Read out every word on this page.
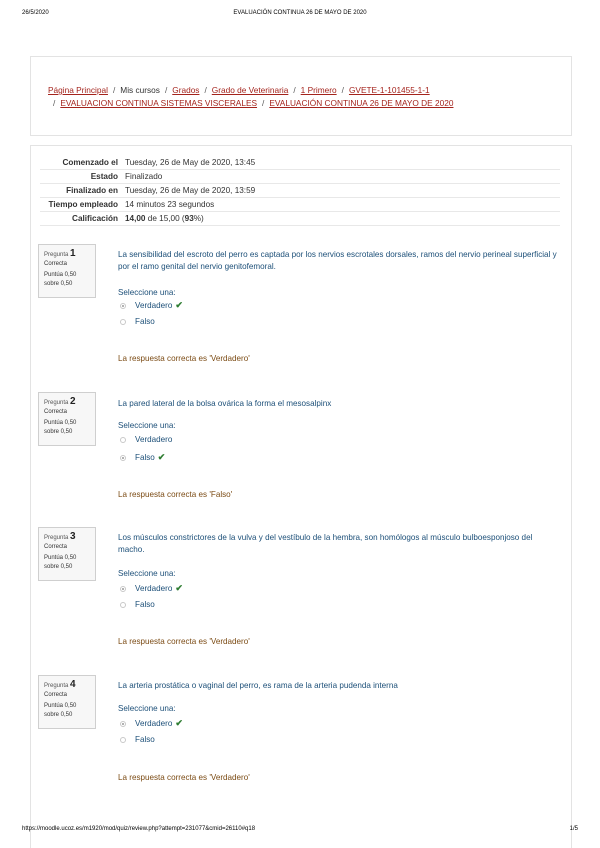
26/5/2020	EVALUACIÓN CONTINUA 26 DE MAYO DE 2020
Página Principal / Mis cursos / Grados / Grado de Veterinaria / 1 Primero / GVETE-1-101455-1-1
/ EVALUACION CONTINUA SISTEMAS VISCERALES / EVALUACIÓN CONTINUA 26 DE MAYO DE 2020
Comenzado el Tuesday, 26 de May de 2020, 13:45
Estado Finalizado
Finalizado en Tuesday, 26 de May de 2020, 13:59
Tiempo empleado 14 minutos 23 segundos
Calificación 14,00 de 15,00 (93%)
Pregunta 1
Correcta
Puntúa 0,50
sobre 0,50
La sensibilidad del escroto del perro es captada por los nervios escrotales dorsales, ramos del nervio perineal superficial y por el ramo genital del nervio genitofemoral.
Seleccione una:
Verdadero ✔
Falso
La respuesta correcta es 'Verdadero'
Pregunta 2
Correcta
Puntúa 0,50
sobre 0,50
La pared lateral de la bolsa ovárica la forma el mesosalpinx
Seleccione una:
Verdadero
Falso ✔
La respuesta correcta es 'Falso'
Pregunta 3
Correcta
Puntúa 0,50
sobre 0,50
Los músculos constrictores de la vulva y del vestíbulo de la hembra, son homólogos al músculo bulboesponjoso del macho.
Seleccione una:
Verdadero ✔
Falso
La respuesta correcta es 'Verdadero'
Pregunta 4
Correcta
Puntúa 0,50
sobre 0,50
La arteria prostática o vaginal del perro, es rama de la arteria pudenda interna
Seleccione una:
Verdadero ✔
Falso
La respuesta correcta es 'Verdadero'
https://moodle.ucoz.es/m1920/mod/quiz/review.php?attempt=231077&cmid=26110#q18	1/5
